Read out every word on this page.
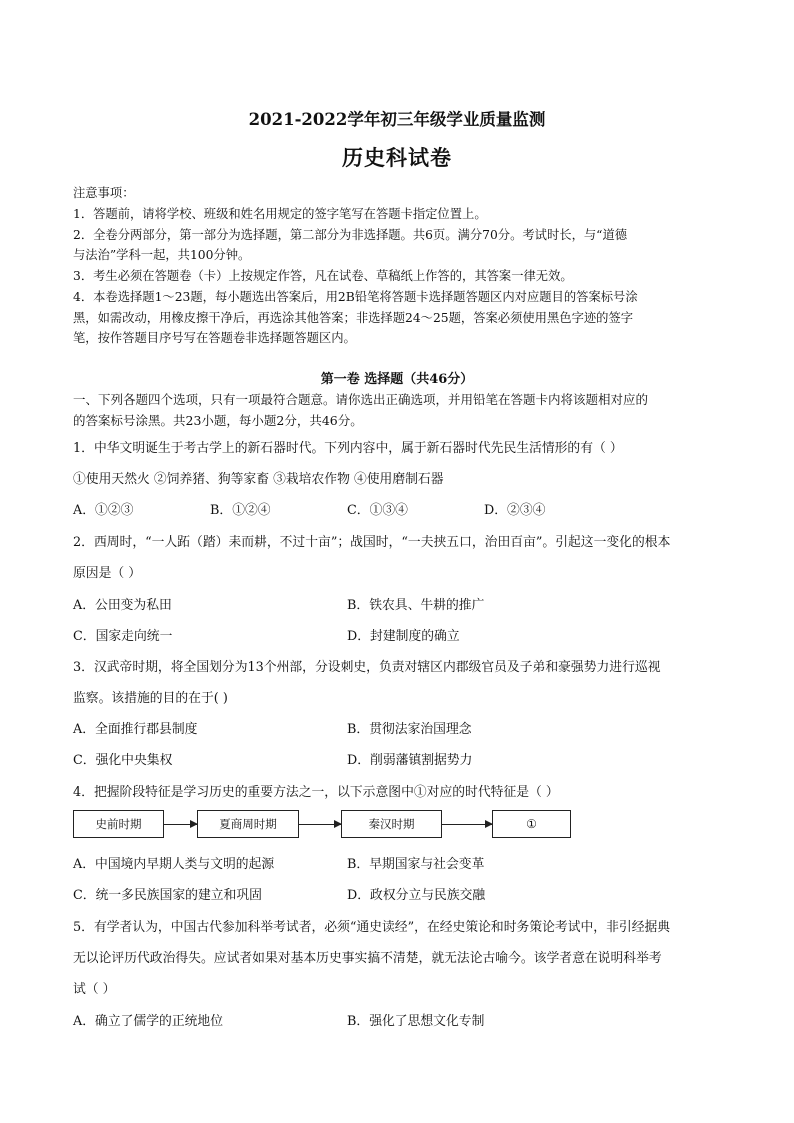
2021-2022学年初三年级学业质量监测
历史科试卷
注意事项：
1．答题前，请将学校、班级和姓名用规定的签字笔写在答题卡指定位置上。
2．全卷分两部分，第一部分为选择题，第二部分为非选择题。共6页。满分70分。考试时长，与“道德
与法治”学科一起，共100分钟。
3．考生必须在答题卷（卡）上按规定作答，凡在试卷、草稿纸上作答的，其答案一律无效。
4．本卷选择题1～23题，每小题选出答案后，用2B铅笔将答题卡选择题答题区内对应题目的答案标号涂
黑，如需改动，用橡皮擦干净后，再选涂其他答案；非选择题24～25题，答案必须使用黑色字迹的签字
笔，按作答题目序号写在答题卷非选择题答题区内。
第一卷 选择题（共46分）
一、下列各题四个选项，只有一项最符合题意。请你选出正确选项，并用铅笔在答题卡内将该题相对应的
的答案标号涂黑。共23小题，每小题2分，共46分。
1．中华文明诞生于考古学上的新石器时代。下列内容中，属于新石器时代先民生活情形的有（ ）
①使用天然火 ②饲养猪、狗等家畜 ③栽培农作物 ④使用磨制石器
A．①②③	B．①②④	C．①③④	D．②③④
2．西周时，“一人跖（踏）耒而耕，不过十亩”；战国时，“一夫挟五口，治田百亩”。引起这一变化的根本
原因是（ ）
A．公田变为私田	B．铁农具、牛耕的推广
C．国家走向统一	D．封建制度的确立
3．汉武帝时期，将全国划分为13个州部，分设刺史，负责对辖区内郡级官员及子弟和豪强势力进行巡视
监察。该措施的目的在于( )
A．全面推行郡县制度	B．贯彻法家治国理念
C．强化中央集权	D．削弱藩镇割据势力
4．把握阶段特征是学习历史的重要方法之一，以下示意图中①对应的时代特征是（ ）
史前时期	夏商周时期	秦汉时期	①
A．中国境内早期人类与文明的起源	B．早期国家与社会变革
C．统一多民族国家的建立和巩固	D．政权分立与民族交融
5．有学者认为，中国古代参加科举考试者，必须“通史读经”，在经史策论和时务策论考试中，非引经据典
无以论评历代政治得失。应试者如果对基本历史事实搞不清楚，就无法论古喻今。该学者意在说明科举考
试（ ）
A．确立了儒学的正统地位	B．强化了思想文化专制
